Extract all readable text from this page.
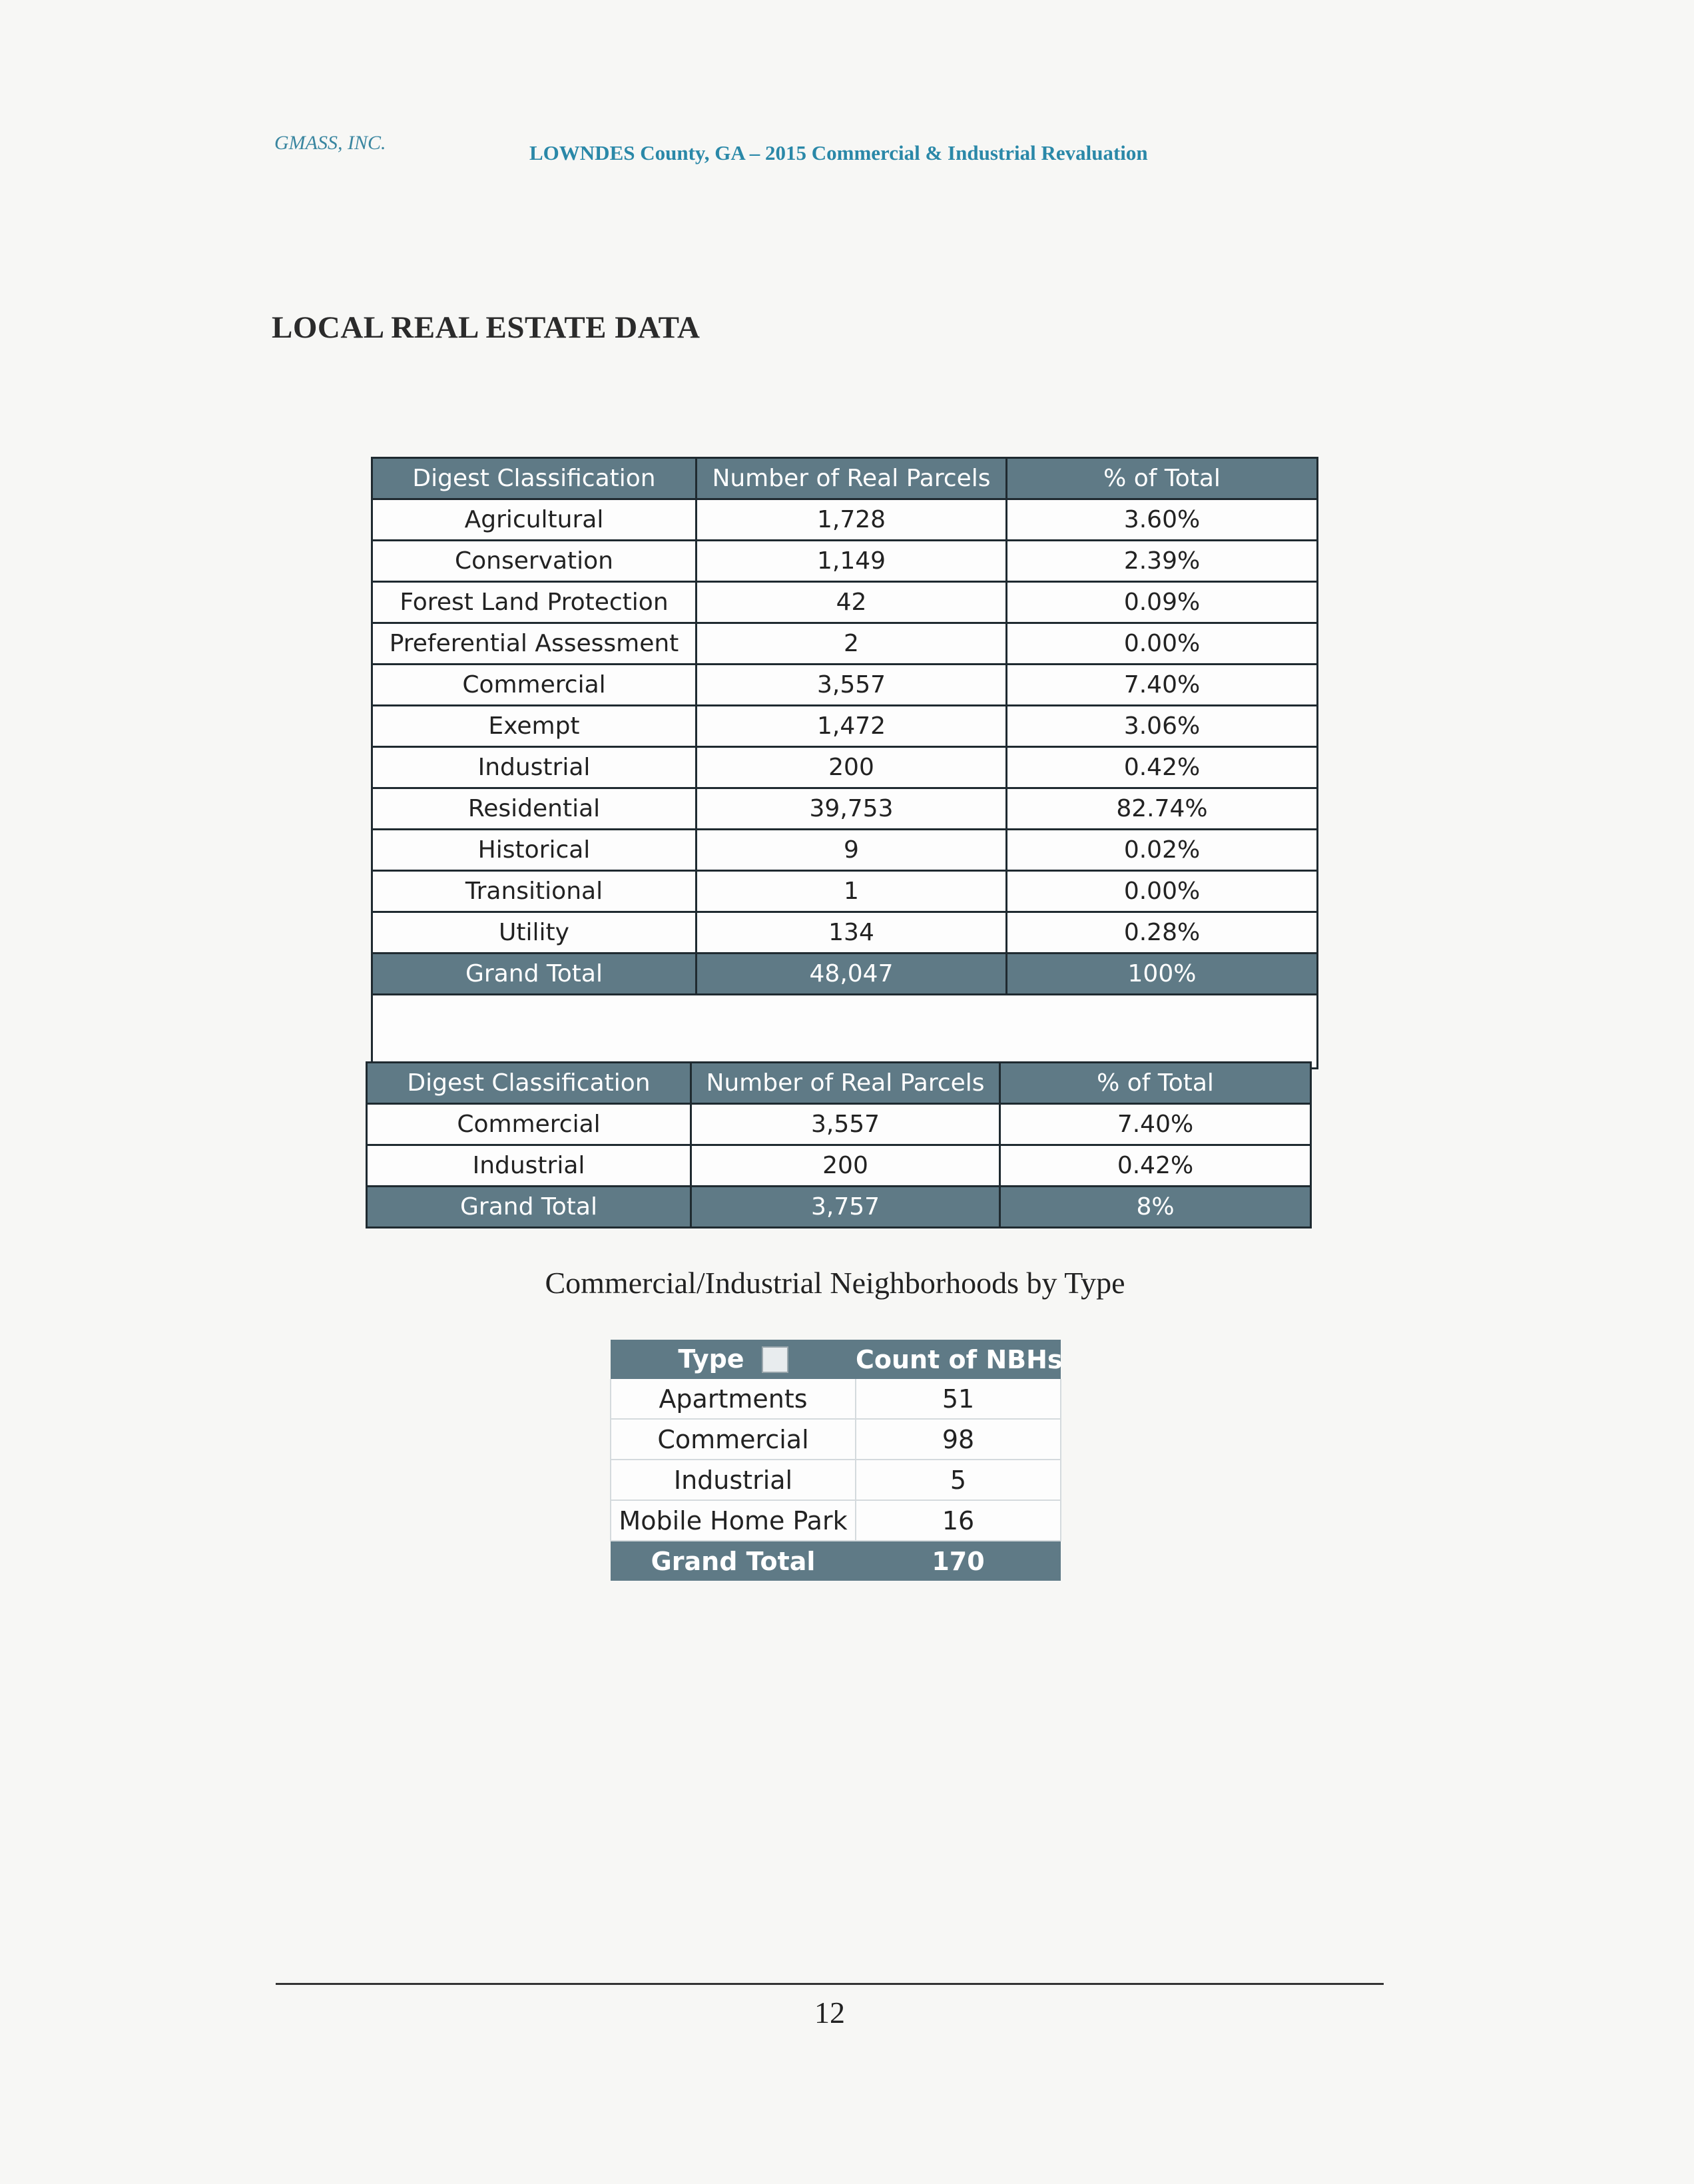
GMASS, INC.	LOWNDES County, GA – 2015 Commercial & Industrial Revaluation
LOCAL REAL ESTATE DATA
Digest Classification	Number of Real Parcels	% of Total
Agricultural	1,728	3.60%
Conservation	1,149	2.39%
Forest Land Protection	42	0.09%
Preferential Assessment	2	0.00%
Commercial	3,557	7.40%
Exempt	1,472	3.06%
Industrial	200	0.42%
Residential	39,753	82.74%
Historical	9	0.02%
Transitional	1	0.00%
Utility	134	0.28%
Grand Total	48,047	100%

Digest Classification	Number of Real Parcels	% of Total
Commercial	3,557	7.40%
Industrial	200	0.42%
Grand Total	3,757	8%
Commercial/Industrial Neighborhoods by Type
Type	Count of NBHs
Apartments	51
Commercial	98
Industrial	5
Mobile Home Park	16
Grand Total	170
12
